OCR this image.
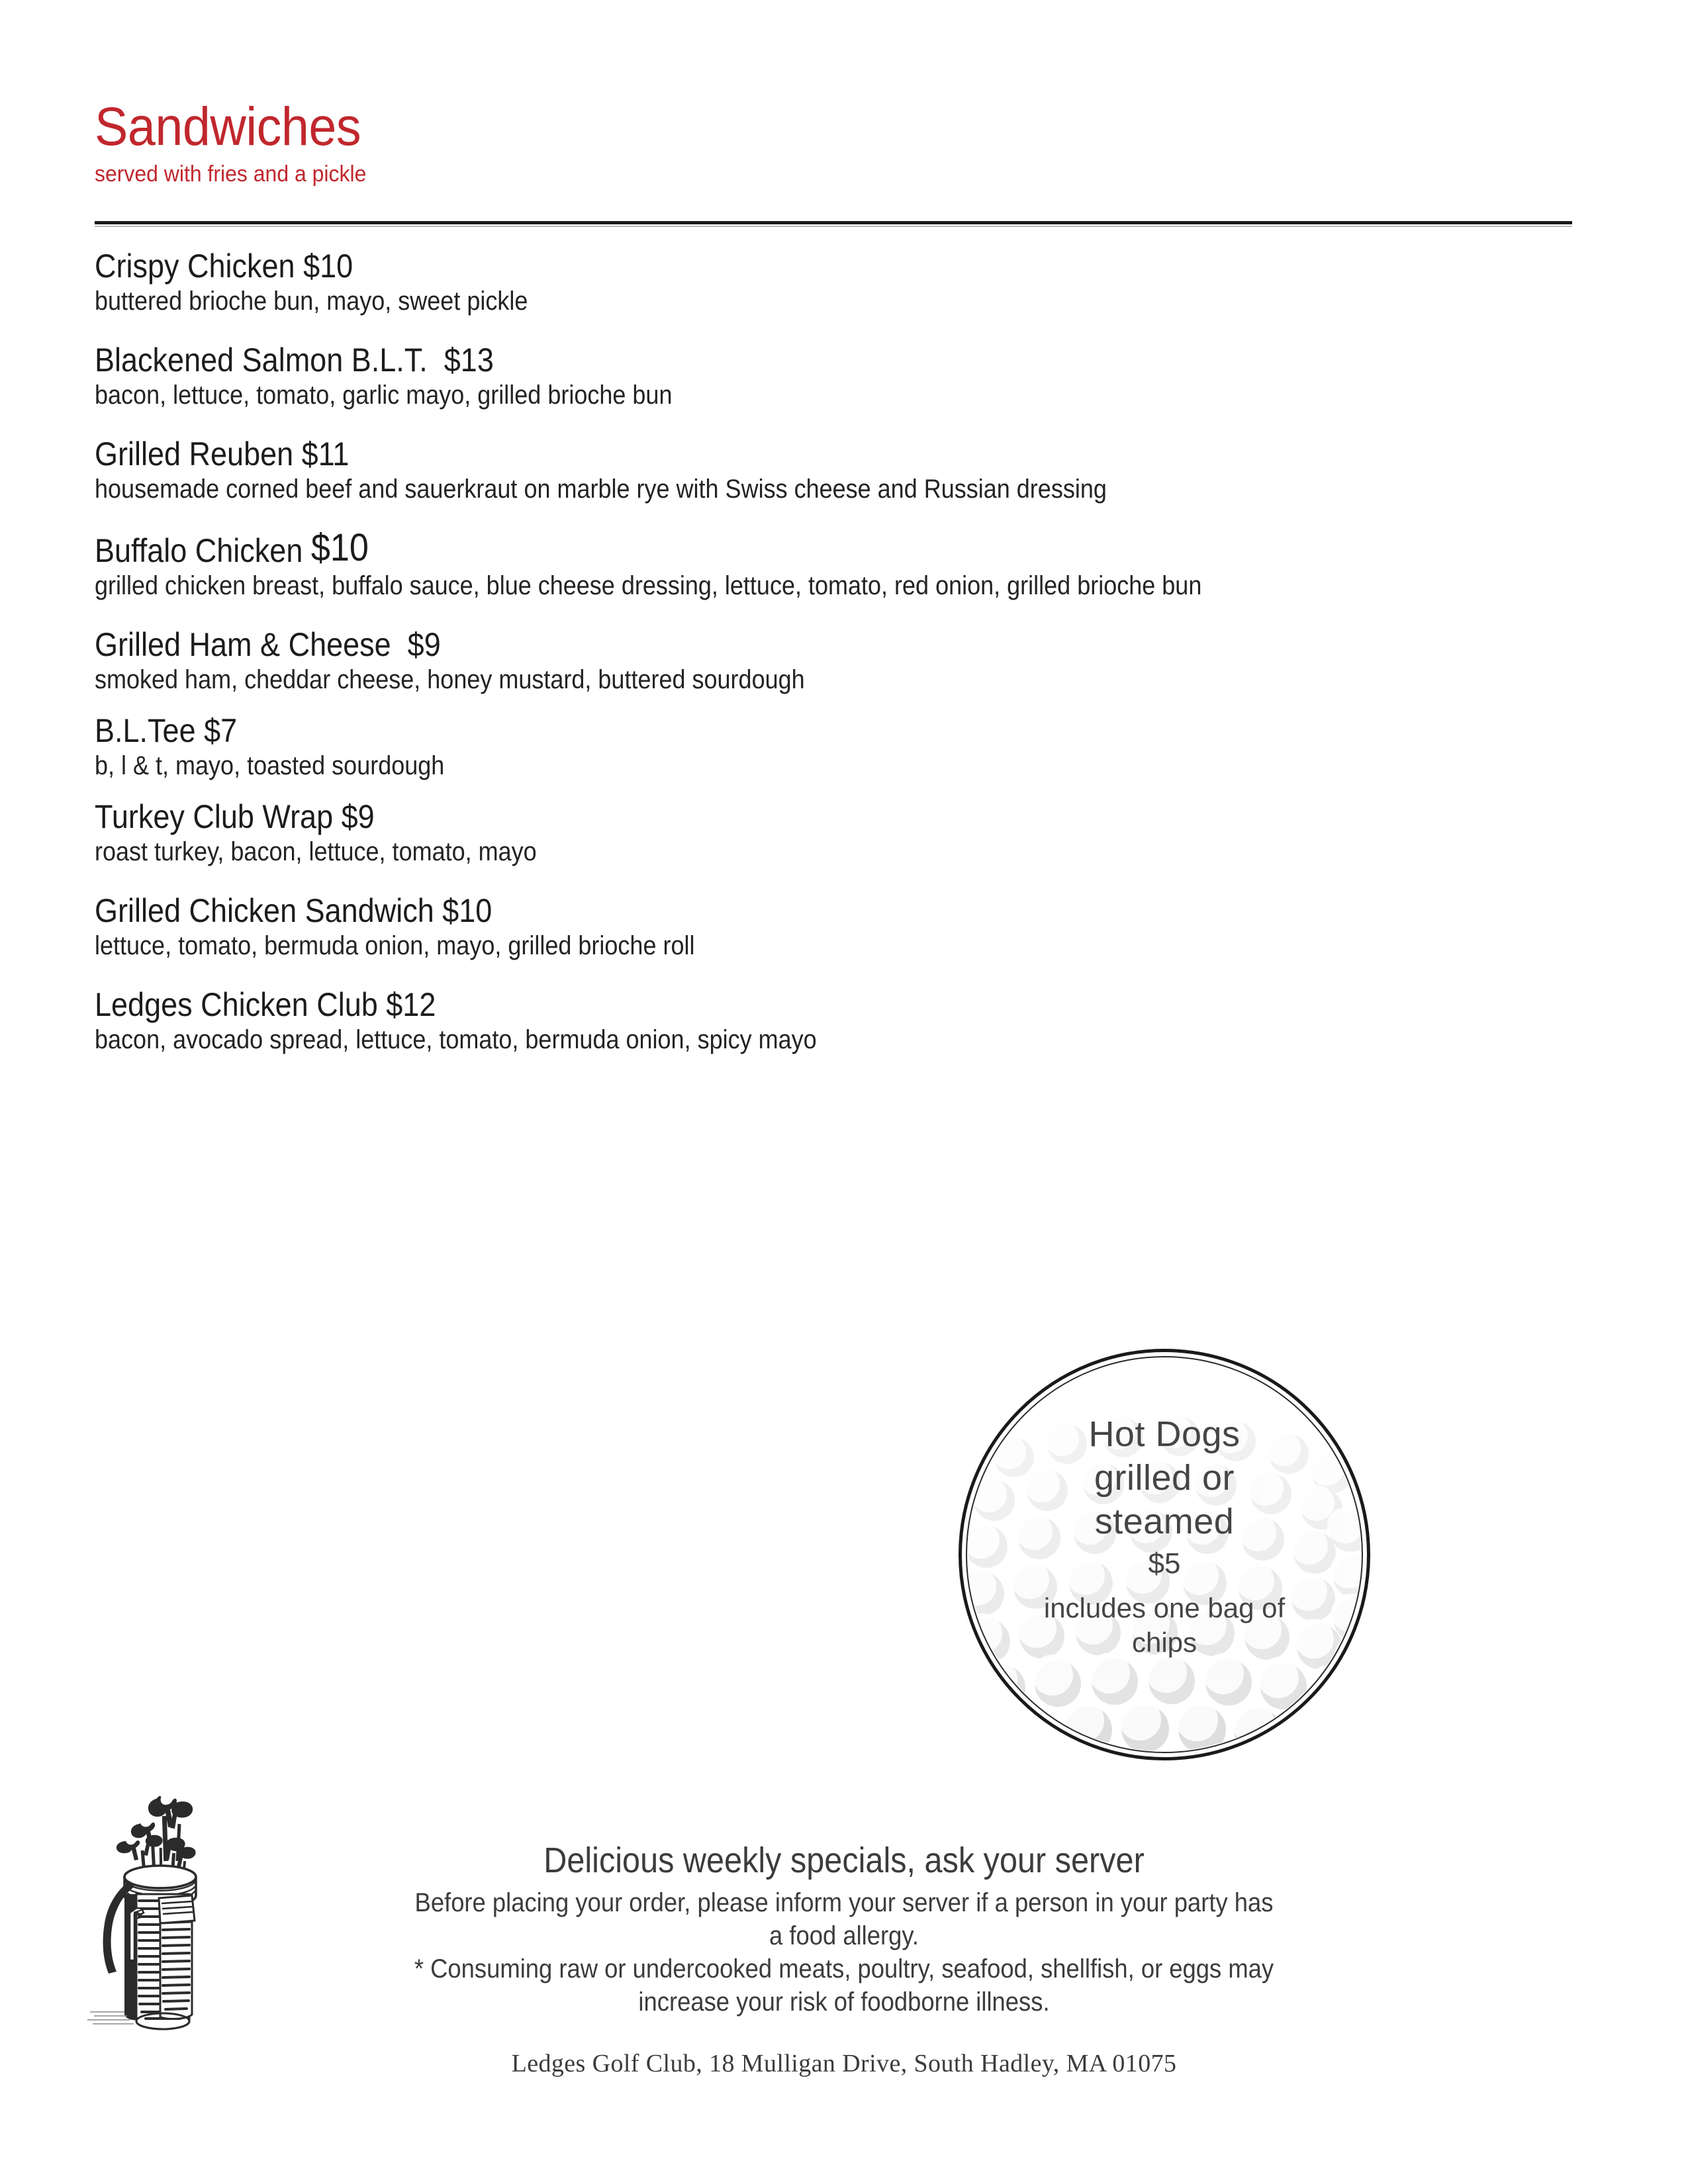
Sandwiches
served with fries and a pickle
Crispy Chicken $10
buttered brioche bun, mayo, sweet pickle
Blackened Salmon B.L.T.  $13
bacon, lettuce, tomato, garlic mayo, grilled brioche bun
Grilled Reuben $11
housemade corned beef and sauerkraut on marble rye with Swiss cheese and Russian dressing
Buffalo Chicken $10
grilled chicken breast, buffalo sauce, blue cheese dressing, lettuce, tomato, red onion, grilled brioche bun
Grilled Ham & Cheese  $9
smoked ham, cheddar cheese, honey mustard, buttered sourdough
B.L.Tee $7
b, l & t, mayo, toasted sourdough
Turkey Club Wrap $9
roast turkey, bacon, lettuce, tomato, mayo
Grilled Chicken Sandwich $10
lettuce, tomato, bermuda onion, mayo, grilled brioche roll
Ledges Chicken Club $12
bacon, avocado spread, lettuce, tomato, bermuda onion, spicy mayo
Hot Dogs
grilled or
steamed
$5
includes one bag of
chips
Delicious weekly specials, ask your server
Before placing your order, please inform your server if a person in your party has
a food allergy.
* Consuming raw or undercooked meats, poultry, seafood, shellfish, or eggs may
increase your risk of foodborne illness.
Ledges Golf Club, 18 Mulligan Drive, South Hadley, MA 01075
